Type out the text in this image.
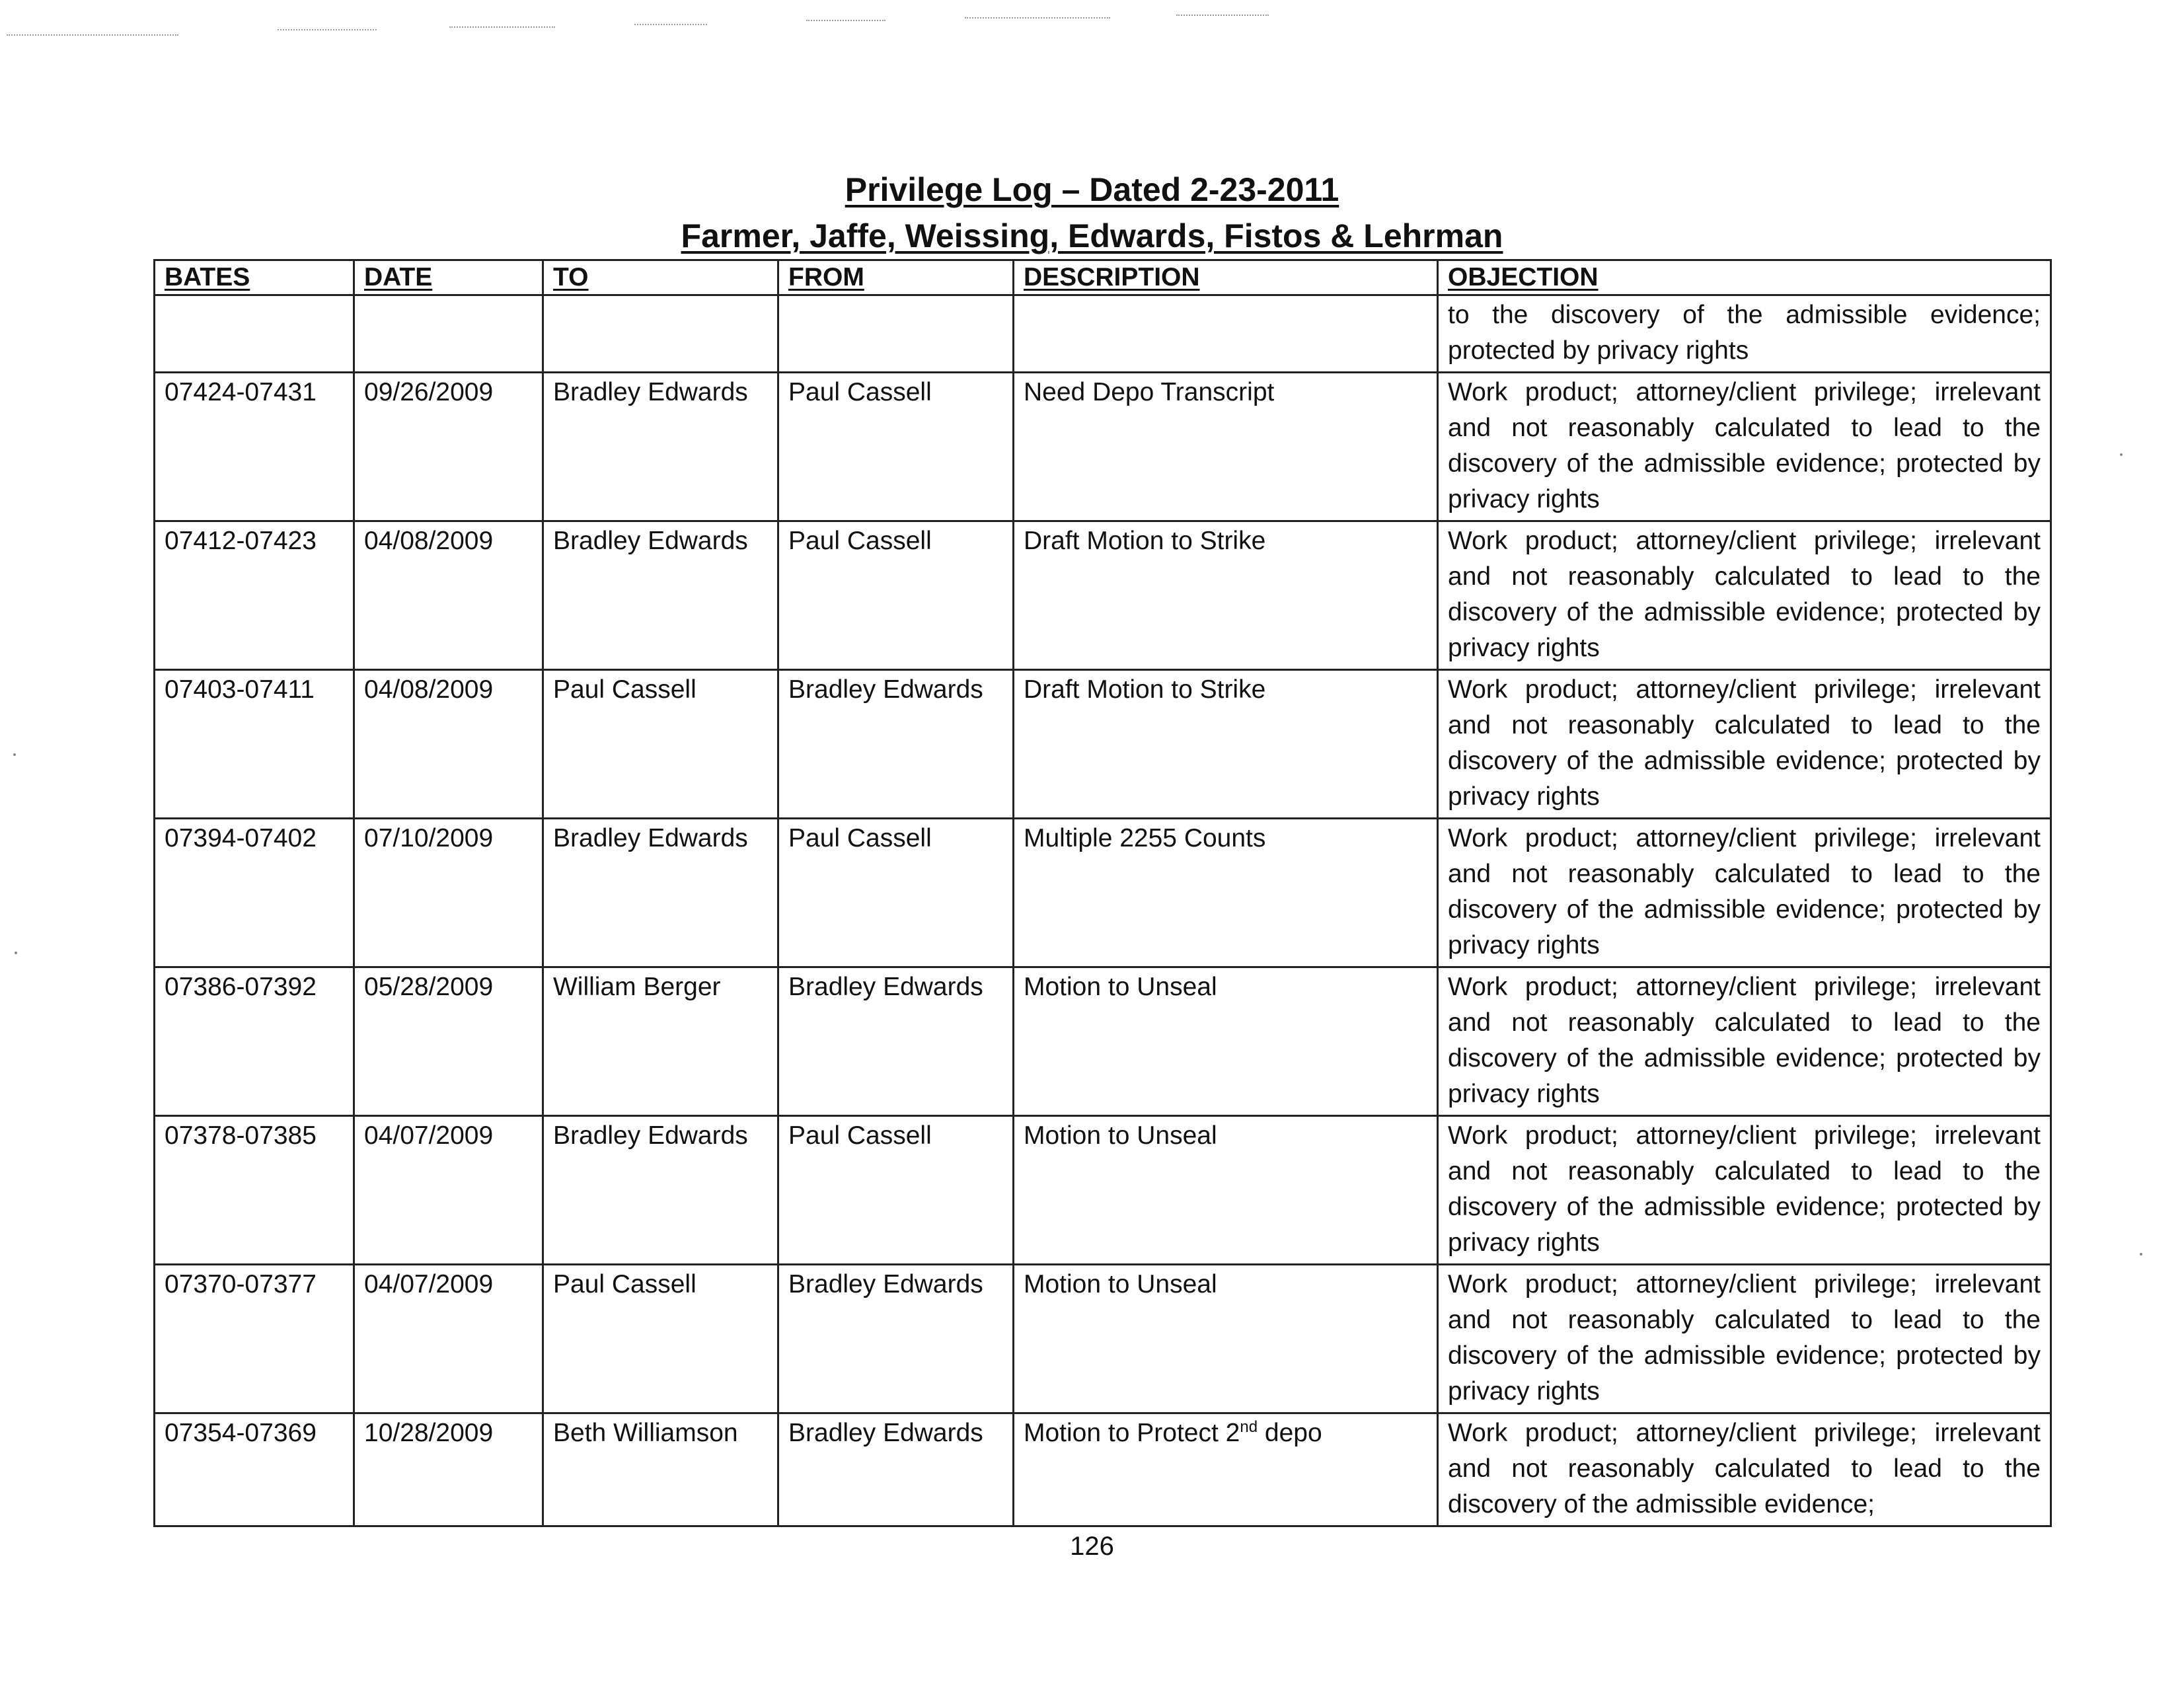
Privilege Log – Dated 2-23-2011
Farmer, Jaffe, Weissing, Edwards, Fistos & Lehrman
BATES	DATE	TO	FROM	DESCRIPTION	OBJECTION
					to the discovery of the admissible evidence; protected by privacy rights
07424-07431	09/26/2009	Bradley Edwards	Paul Cassell	Need Depo Transcript	Work product; attorney/client privilege; irrelevant and not reasonably calculated to lead to the discovery of the admissible evidence; protected by privacy rights
07412-07423	04/08/2009	Bradley Edwards	Paul Cassell	Draft Motion to Strike	Work product; attorney/client privilege; irrelevant and not reasonably calculated to lead to the discovery of the admissible evidence; protected by privacy rights
07403-07411	04/08/2009	Paul Cassell	Bradley Edwards	Draft Motion to Strike	Work product; attorney/client privilege; irrelevant and not reasonably calculated to lead to the discovery of the admissible evidence; protected by privacy rights
07394-07402	07/10/2009	Bradley Edwards	Paul Cassell	Multiple 2255 Counts	Work product; attorney/client privilege; irrelevant and not reasonably calculated to lead to the discovery of the admissible evidence; protected by privacy rights
07386-07392	05/28/2009	William Berger	Bradley Edwards	Motion to Unseal	Work product; attorney/client privilege; irrelevant and not reasonably calculated to lead to the discovery of the admissible evidence; protected by privacy rights
07378-07385	04/07/2009	Bradley Edwards	Paul Cassell	Motion to Unseal	Work product; attorney/client privilege; irrelevant and not reasonably calculated to lead to the discovery of the admissible evidence; protected by privacy rights
07370-07377	04/07/2009	Paul Cassell	Bradley Edwards	Motion to Unseal	Work product; attorney/client privilege; irrelevant and not reasonably calculated to lead to the discovery of the admissible evidence; protected by privacy rights
07354-07369	10/28/2009	Beth Williamson	Bradley Edwards	Motion to Protect 2nd depo	Work product; attorney/client privilege; irrelevant and not reasonably calculated to lead to the discovery of the admissible evidence;
126
